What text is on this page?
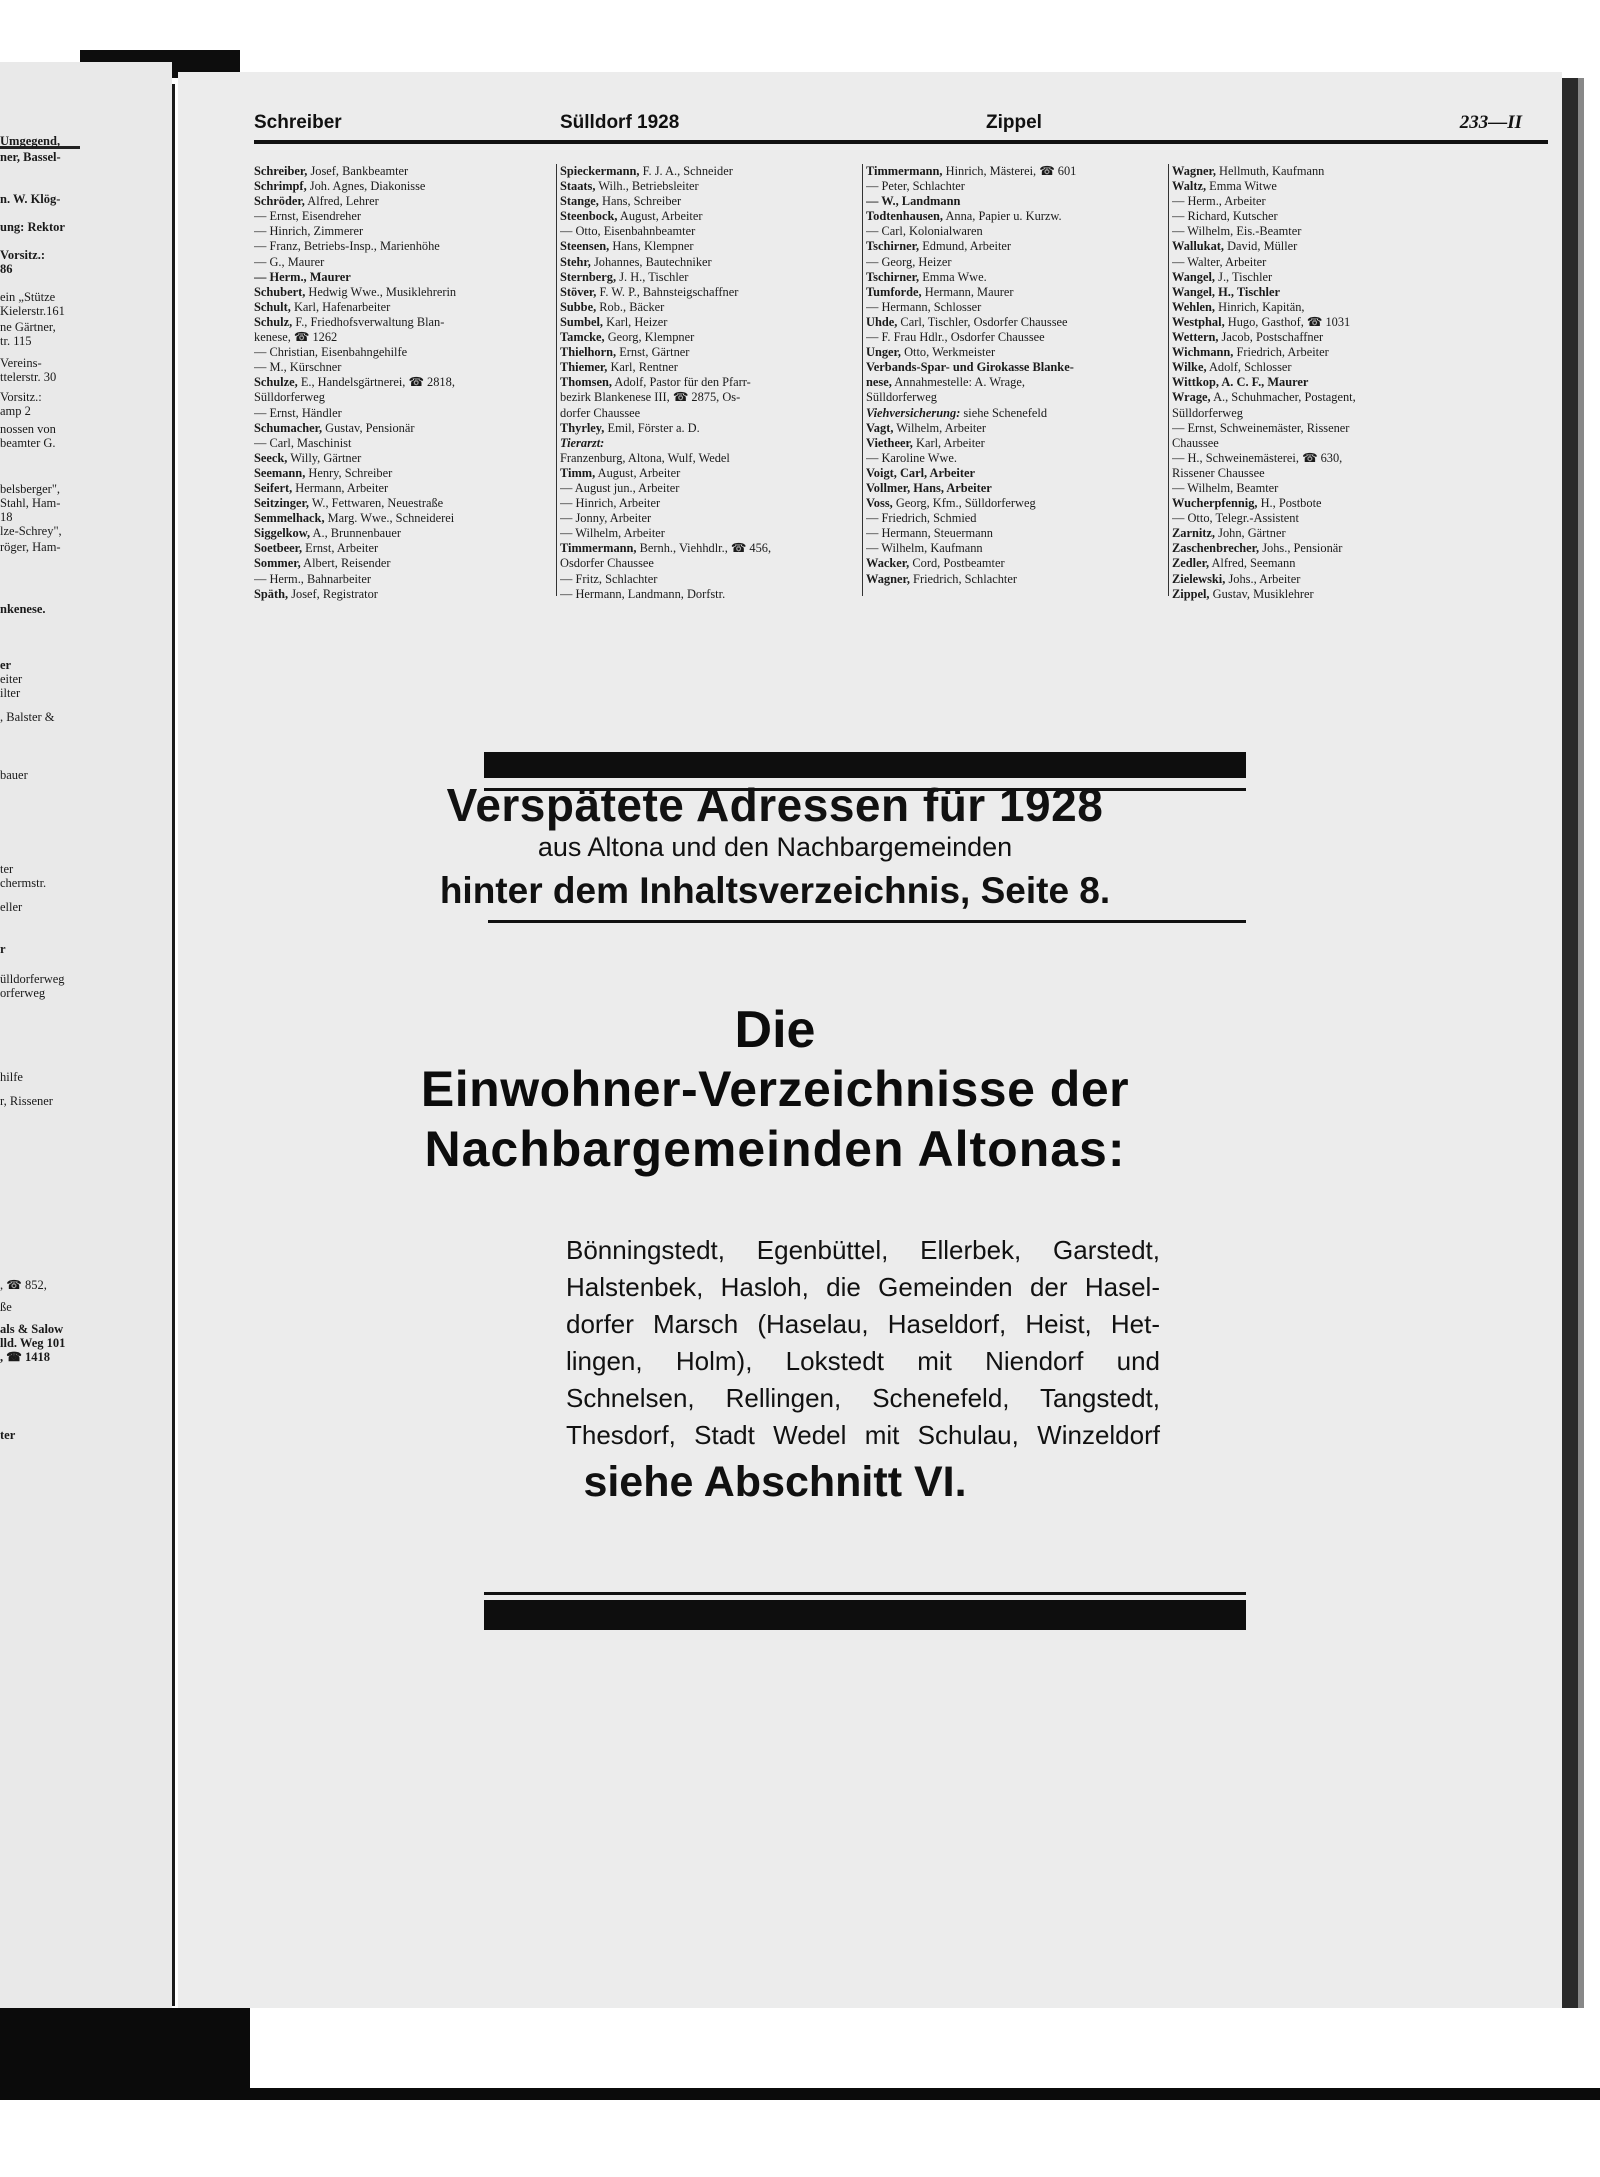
Umgegend,
ner, Bassel-
n. W. Klög-
ung: Rektor
Vorsitz.:
86
ein „Stütze
Kielerstr.161
ne Gärtner,
tr. 115
Vereins-
ttelerstr. 30
Vorsitz.:
amp 2
nossen von
beamter G.
belsberger",
Stahl, Ham-
18
lze-Schrey",
röger, Ham-
nkenese.
er
eiter
ilter
, Balster &
bauer
ter
chermstr.
eller
r
ülldorferweg
orferweg
hilfe
r, Rissener
, ☎ 852,
ße
als & Salow
lld. Weg 101
, ☎ 1418
ter
Schreiber	Sülldorf 1928	Zippel	233—II
Schreiber, Josef, Bankbeamter
Schrimpf, Joh. Agnes, Diakonisse
Schröder, Alfred, Lehrer
— Ernst, Eisendreher
— Hinrich, Zimmerer
— Franz, Betriebs-Insp., Marienhöhe
— G., Maurer
— Herm., Maurer
Schubert, Hedwig Wwe., Musiklehrerin
Schult, Karl, Hafenarbeiter
Schulz, F., Friedhofsverwaltung Blan-
kenese, ☎ 1262
— Christian, Eisenbahngehilfe
— M., Kürschner
Schulze, E., Handelsgärtnerei, ☎ 2818,
Sülldorferweg
— Ernst, Händler
Schumacher, Gustav, Pensionär
— Carl, Maschinist
Seeck, Willy, Gärtner
Seemann, Henry, Schreiber
Seifert, Hermann, Arbeiter
Seitzinger, W., Fettwaren, Neuestraße
Semmelhack, Marg. Wwe., Schneiderei
Siggelkow, A., Brunnenbauer
Soetbeer, Ernst, Arbeiter
Sommer, Albert, Reisender
— Herm., Bahnarbeiter
Späth, Josef, Registrator
Spieckermann, F. J. A., Schneider
Staats, Wilh., Betriebsleiter
Stange, Hans, Schreiber
Steenbock, August, Arbeiter
— Otto, Eisenbahnbeamter
Steensen, Hans, Klempner
Stehr, Johannes, Bautechniker
Sternberg, J. H., Tischler
Stöver, F. W. P., Bahnsteigschaffner
Subbe, Rob., Bäcker
Sumbel, Karl, Heizer
Tamcke, Georg, Klempner
Thielhorn, Ernst, Gärtner
Thiemer, Karl, Rentner
Thomsen, Adolf, Pastor für den Pfarr-
bezirk Blankenese III, ☎ 2875, Os-
dorfer Chaussee
Thyrley, Emil, Förster a. D.
Tierarzt:
Franzenburg, Altona, Wulf, Wedel
Timm, August, Arbeiter
— August jun., Arbeiter
— Hinrich, Arbeiter
— Jonny, Arbeiter
— Wilhelm, Arbeiter
Timmermann, Bernh., Viehhdlr., ☎ 456,
Osdorfer Chaussee
— Fritz, Schlachter
— Hermann, Landmann, Dorfstr.
Timmermann, Hinrich, Mästerei, ☎ 601
— Peter, Schlachter
— W., Landmann
Todtenhausen, Anna, Papier u. Kurzw.
— Carl, Kolonialwaren
Tschirner, Edmund, Arbeiter
— Georg, Heizer
Tschirner, Emma Wwe.
Tumforde, Hermann, Maurer
— Hermann, Schlosser
Uhde, Carl, Tischler, Osdorfer Chaussee
— F. Frau Hdlr., Osdorfer Chaussee
Unger, Otto, Werkmeister
Verbands-Spar- und Girokasse Blanke-
nese, Annahmestelle: A. Wrage,
Sülldorferweg
Viehversicherung: siehe Schenefeld
Vagt, Wilhelm, Arbeiter
Vietheer, Karl, Arbeiter
— Karoline Wwe.
Voigt, Carl, Arbeiter
Vollmer, Hans, Arbeiter
Voss, Georg, Kfm., Sülldorferweg
— Friedrich, Schmied
— Hermann, Steuermann
— Wilhelm, Kaufmann
Wacker, Cord, Postbeamter
Wagner, Friedrich, Schlachter
Wagner, Hellmuth, Kaufmann
Waltz, Emma Witwe
— Herm., Arbeiter
— Richard, Kutscher
— Wilhelm, Eis.-Beamter
Wallukat, David, Müller
— Walter, Arbeiter
Wangel, J., Tischler
Wangel, H., Tischler
Wehlen, Hinrich, Kapitän,
Westphal, Hugo, Gasthof, ☎ 1031
Wettern, Jacob, Postschaffner
Wichmann, Friedrich, Arbeiter
Wilke, Adolf, Schlosser
Wittkop, A. C. F., Maurer
Wrage, A., Schuhmacher, Postagent,
Sülldorferweg
— Ernst, Schweinemäster, Rissener
Chaussee
— H., Schweinemästerei, ☎ 630,
Rissener Chaussee
— Wilhelm, Beamter
Wucherpfennig, H., Postbote
— Otto, Telegr.-Assistent
Zarnitz, John, Gärtner
Zaschenbrecher, Johs., Pensionär
Zedler, Alfred, Seemann
Zielewski, Johs., Arbeiter
Zippel, Gustav, Musiklehrer
Verspätete Adressen für 1928
aus Altona und den Nachbargemeinden
hinter dem Inhaltsverzeichnis, Seite 8.
Die
Einwohner-Verzeichnisse der
Nachbargemeinden Altonas:
Bönningstedt, Egenbüttel, Ellerbek, Garstedt,
Halstenbek, Hasloh, die Gemeinden der Hasel-
dorfer Marsch (Haselau, Haseldorf, Heist, Het-
lingen, Holm), Lokstedt mit Niendorf und
Schnelsen, Rellingen, Schenefeld, Tangstedt,
Thesdorf, Stadt Wedel mit Schulau, Winzeldorf
siehe Abschnitt VI.
